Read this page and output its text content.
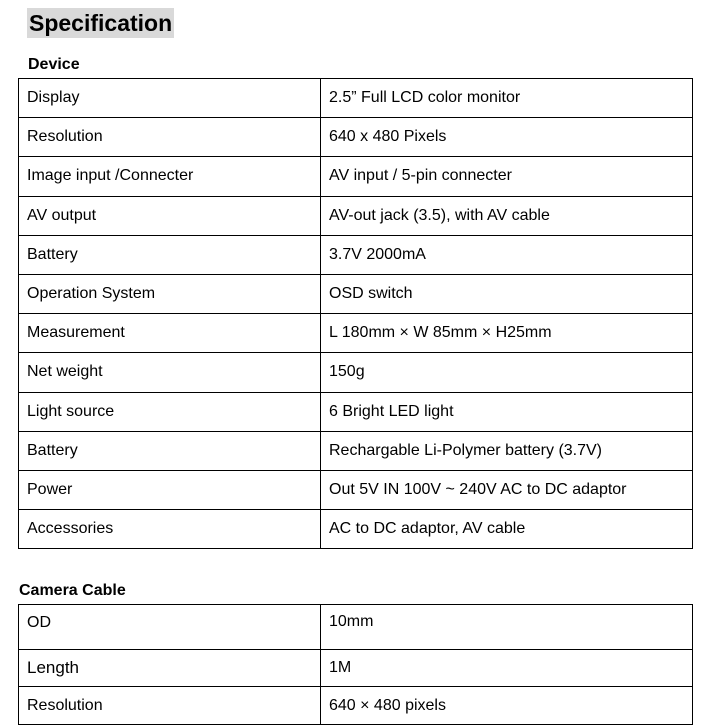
Specification
Device
Display	2.5” Full LCD color monitor
Resolution	640 x 480 Pixels
Image input /Connecter	AV input / 5-pin connecter
AV output	AV-out jack (3.5), with AV cable
Battery	3.7V 2000mA
Operation System	OSD switch
Measurement	L 180mm × W 85mm × H25mm
Net weight	150g
Light source	6 Bright LED light
Battery	Rechargable Li-Polymer battery (3.7V)
Power	Out 5V IN 100V ~ 240V AC to DC adaptor
Accessories	AC to DC adaptor, AV cable
Camera Cable
OD	10mm
Length	1M
Resolution	640 × 480 pixels
